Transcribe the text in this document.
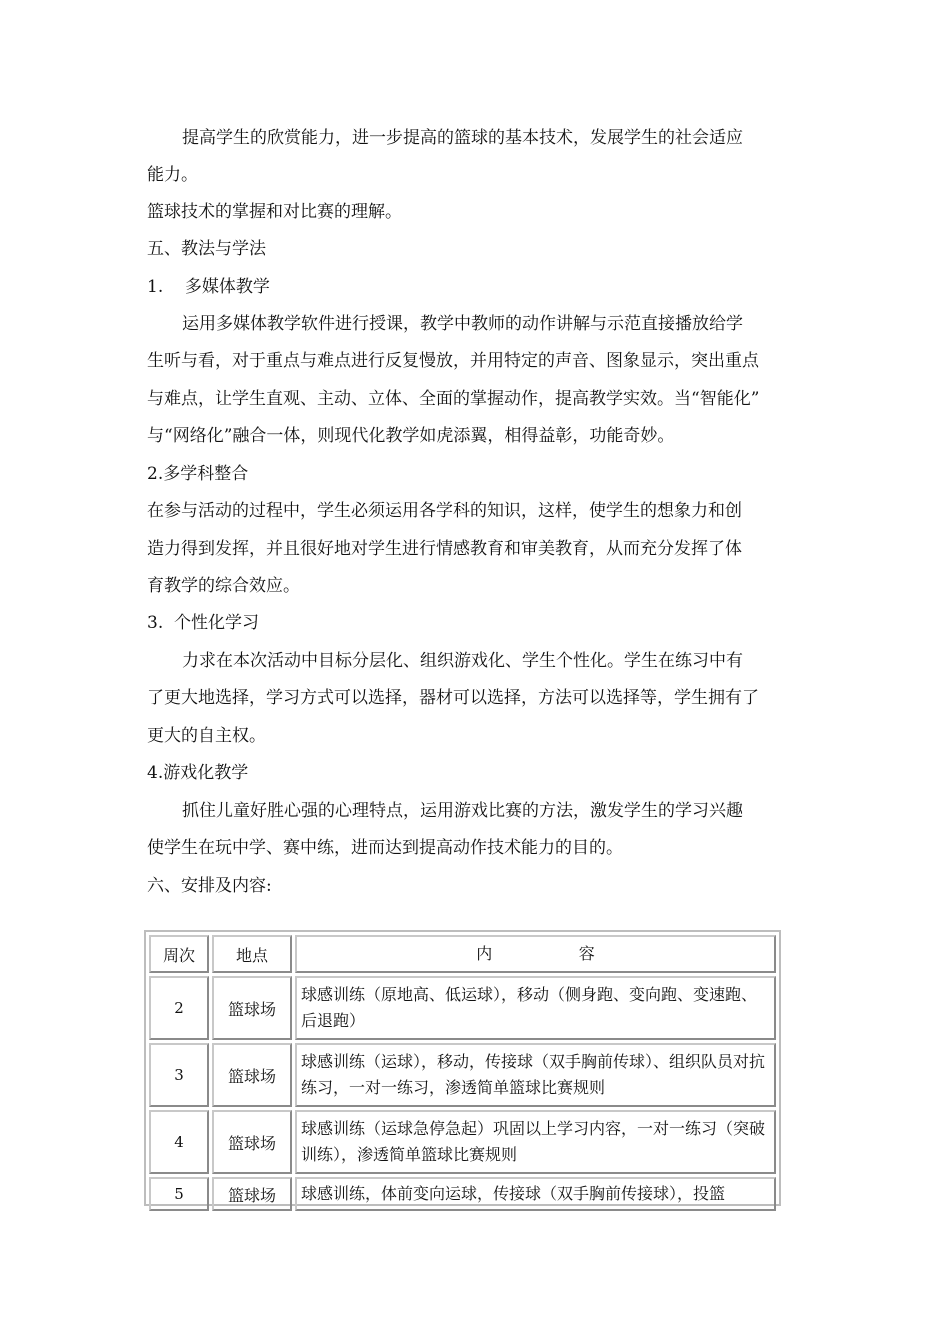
提高学生的欣赏能力，进一步提高的篮球的基本技术，发展学生的社会适应
能力。
篮球技术的掌握和对比赛的理解。
五、教法与学法
1.    多媒体教学
运用多媒体教学软件进行授课，教学中教师的动作讲解与示范直接播放给学
生听与看，对于重点与难点进行反复慢放，并用特定的声音、图象显示，突出重点
与难点，让学生直观、主动、立体、全面的掌握动作，提高教学实效。当“智能化”
与“网络化”融合一体，则现代化教学如虎添翼，相得益彰，功能奇妙。
2.多学科整合
在参与活动的过程中，学生必须运用各学科的知识，这样，使学生的想象力和创
造力得到发挥，并且很好地对学生进行情感教育和审美教育，从而充分发挥了体
育教学的综合效应。
3.  个性化学习
力求在本次活动中目标分层化、组织游戏化、学生个性化。学生在练习中有
了更大地选择，学习方式可以选择，器材可以选择，方法可以选择等，学生拥有了
更大的自主权。
4.游戏化教学
抓住儿童好胜心强的心理特点，运用游戏比赛的方法，激发学生的学习兴趣
使学生在玩中学、赛中练，进而达到提高动作技术能力的目的。
六、安排及内容:
周次	地点	内                 容
2	篮球场	球感训练（原地高、低运球），移动（侧身跑、变向跑、变速跑、后退跑）
3	篮球场	球感训练（运球），移动，传接球（双手胸前传球）、组织队员对抗练习，一对一练习，渗透简单篮球比赛规则
4	篮球场	球感训练（运球急停急起）巩固以上学习内容，一对一练习（突破训练），渗透简单篮球比赛规则
5	篮球场	球感训练，体前变向运球，传接球（双手胸前传接球），投篮
